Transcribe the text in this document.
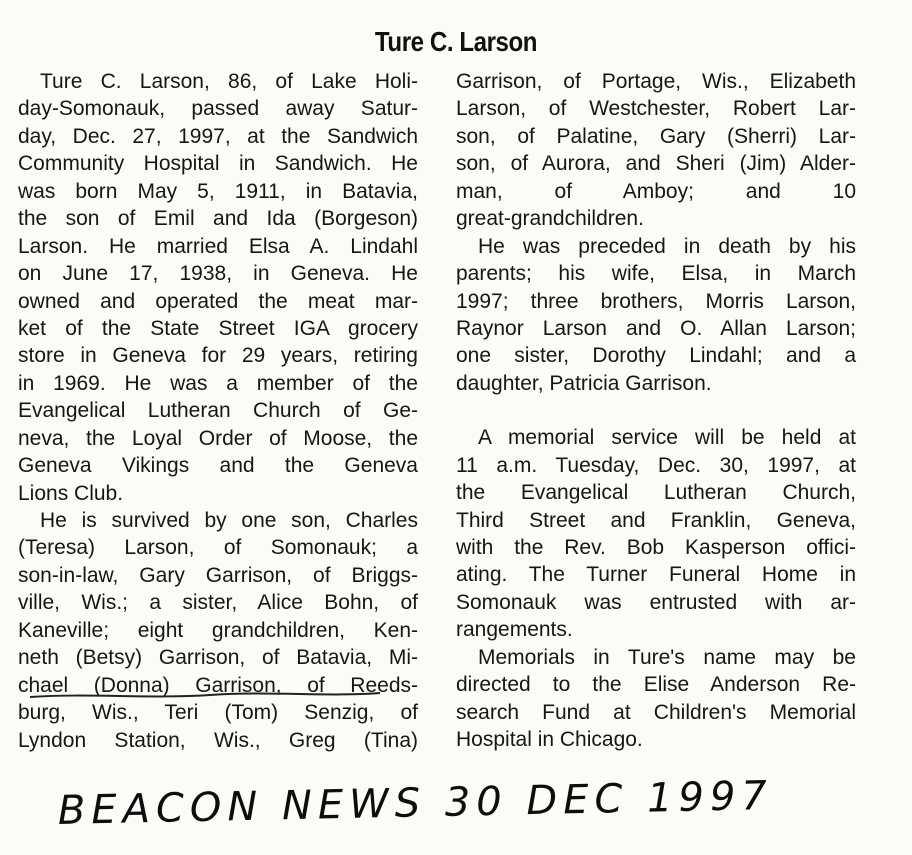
Ture C. Larson
Ture C. Larson, 86, of Lake Holi-
day-Somonauk, passed away Satur-
day, Dec. 27, 1997, at the Sandwich
Community Hospital in Sandwich. He
was born May 5, 1911, in Batavia,
the son of Emil and Ida (Borgeson)
Larson. He married Elsa A. Lindahl
on June 17, 1938, in Geneva. He
owned and operated the meat mar-
ket of the State Street IGA grocery
store in Geneva for 29 years, retiring
in 1969. He was a member of the
Evangelical Lutheran Church of Ge-
neva, the Loyal Order of Moose, the
Geneva Vikings and the Geneva
Lions Club.
He is survived by one son, Charles
(Teresa) Larson, of Somonauk; a
son-in-law, Gary Garrison, of Briggs-
ville, Wis.; a sister, Alice Bohn, of
Kaneville; eight grandchildren, Ken-
neth (Betsy) Garrison, of Batavia, Mi-
chael (Donna) Garrison, of Reeds-
burg, Wis., Teri (Tom) Senzig, of
Lyndon Station, Wis., Greg (Tina)
Garrison, of Portage, Wis., Elizabeth
Larson, of Westchester, Robert Lar-
son, of Palatine, Gary (Sherri) Lar-
son, of Aurora, and Sheri (Jim) Alder-
man, of Amboy; and 10
great-grandchildren.
He was preceded in death by his
parents; his wife, Elsa, in March
1997; three brothers, Morris Larson,
Raynor Larson and O. Allan Larson;
one sister, Dorothy Lindahl; and a
daughter, Patricia Garrison.
A memorial service will be held at
11 a.m. Tuesday, Dec. 30, 1997, at
the Evangelical Lutheran Church,
Third Street and Franklin, Geneva,
with the Rev. Bob Kasperson offici-
ating. The Turner Funeral Home in
Somonauk was entrusted with ar-
rangements.
Memorials in Ture's name may be
directed to the Elise Anderson Re-
search Fund at Children's Memorial
Hospital in Chicago.
BEACON NEWS 30 DEC 1997
